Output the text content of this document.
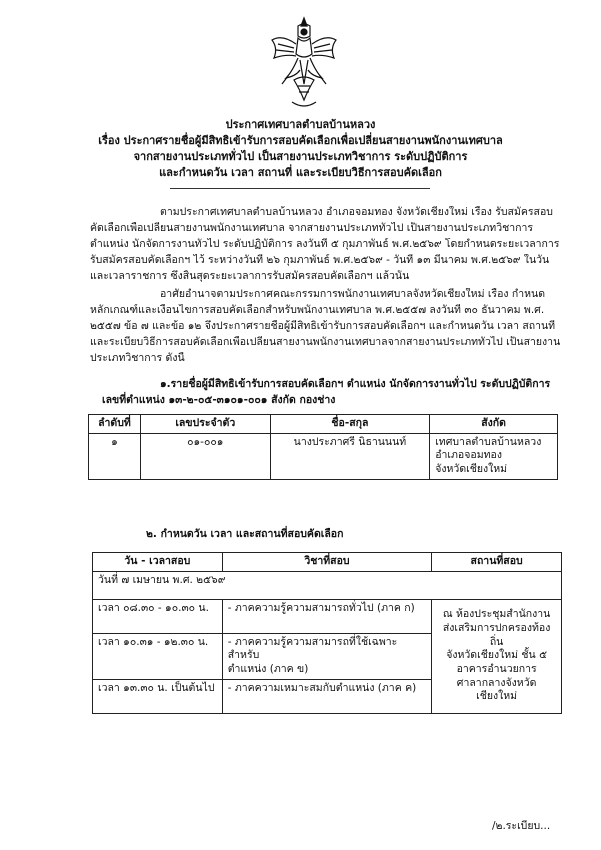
ประกาศเทศบาลตำบลบ้านหลวง
เรื่อง ประกาศรายชื่อผู้มีสิทธิเข้ารับการสอบคัดเลือกเพื่อเปลี่ยนสายงานพนักงานเทศบาล
จากสายงานประเภททั่วไป เป็นสายงานประเภทวิชาการ ระดับปฏิบัติการ
และกำหนดวัน เวลา สถานที่ และระเบียบวิธีการสอบคัดเลือก

ตามประกาศเทศบาลตำบลบ้านหลวง อำเภอจอมทอง จังหวัดเชียงใหม่ เรื่อง รับสมัครสอบ

คัดเลือกเพื่อเปลี่ยนสายงานพนักงานเทศบาล จากสายงานประเภททั่วไป เป็นสายงานประเภทวิชาการ

ตำแหน่ง นักจัดการงานทั่วไป ระดับปฏิบัติการ ลงวันที่ ๕ กุมภาพันธ์ พ.ศ.๒๕๖๙ โดยกำหนดระยะเวลาการ

รับสมัครสอบคัดเลือกฯ ไว้ ระหว่างวันที่ ๒๖ กุมภาพันธ์ พ.ศ.๒๕๖๙ - วันที่ ๑๓ มีนาคม พ.ศ.๒๕๖๙ ในวัน

และเวลาราชการ ซึ่งสิ้นสุดระยะเวลาการรับสมัครสอบคัดเลือกฯ แล้วนั้น

อาศัยอำนาจตามประกาศคณะกรรมการพนักงานเทศบาลจังหวัดเชียงใหม่ เรื่อง กำหนด

หลักเกณฑ์และเงื่อนไขการสอบคัดเลือกสำหรับพนักงานเทศบาล พ.ศ.๒๕๕๗ ลงวันที่ ๓๐ ธันวาคม พ.ศ.

๒๕๕๗ ข้อ ๗ และข้อ ๑๒ จึงประกาศรายชื่อผู้มีสิทธิเข้ารับการสอบคัดเลือกฯ และกำหนดวัน เวลา สถานที่

และระเบียบวิธีการสอบคัดเลือกเพื่อเปลี่ยนสายงานพนักงานเทศบาลจากสายงานประเภททั่วไป เป็นสายงาน

ประเภทวิชาการ ดังนี้

๑.รายชื่อผู้มีสิทธิเข้ารับการสอบคัดเลือกฯ ตำแหน่ง นักจัดการงานทั่วไป ระดับปฏิบัติการ
เลขที่ตำแหน่ง ๑๓-๒-๐๕-๓๑๐๑-๐๐๑ สังกัด กองช่าง
ลำดับที่	เลขประจำตัว	ชื่อ-สกุล	สังกัด
๑	๐๑-๐๐๑	นางประภาศรี นิธานนนท์	เทศบาลตำบลบ้านหลวง
อำเภอจอมทอง
จังหวัดเชียงใหม่
๒. กำหนดวัน เวลา และสถานที่สอบคัดเลือก
วัน - เวลาสอบ	วิชาที่สอบ	สถานที่สอบ
วันที่ ๗ เมษายน พ.ศ. ๒๕๖๙		
เวลา ๐๘.๓๐ - ๑๐.๓๐ น.	- ภาคความรู้ความสามารถทั่วไป (ภาค ก)	ณ ห้องประชุมสำนักงาน
ส่งเสริมการปกครองท้องถิ่น
จังหวัดเชียงใหม่ ชั้น ๕
อาคารอำนวยการ
ศาลากลางจังหวัดเชียงใหม่

เวลา ๑๐.๓๑ - ๑๒.๓๐ น.	- ภาคความรู้ความสามารถที่ใช้เฉพาะสำหรับ
ตำแหน่ง (ภาค ข)	

เวลา ๑๓.๓๐ น. เป็นต้นไป	- ภาคความเหมาะสมกับตำแหน่ง (ภาค ค)	
/๒.ระเบียบ...
